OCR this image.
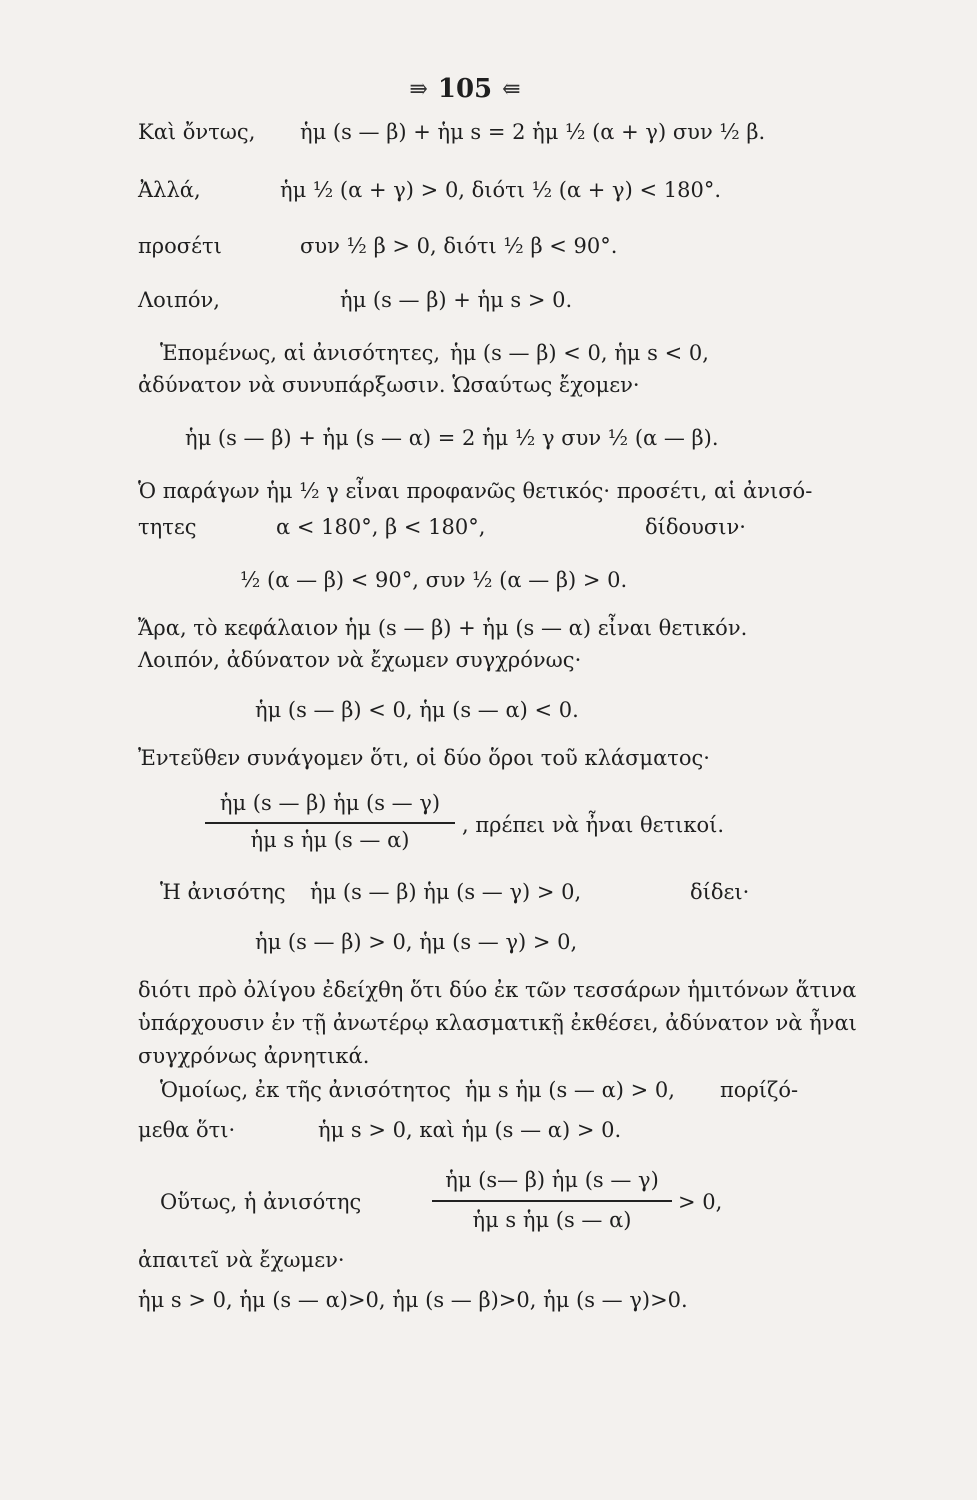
⇛ 105 ⇚
Καὶ ὄντως, ἡμ (s — β) + ἡμ s = 2 ἡμ ½ (α + γ) συν ½ β.
Ἀλλά,	ἡμ ½ (α + γ) > 0, διότι ½ (α + γ) < 180°.
προσέτι	συν ½ β > 0, διότι ½ β < 90°.
Λοιπόν,	ἡμ (s — β) + ἡμ s > 0.
Ἑπομένως, αἱ ἀνισότητες, ἡμ (s — β) < 0, ἡμ s < 0,
ἀδύνατον νὰ συνυπάρξωσιν. Ὡσαύτως ἔχομεν·
ἡμ (s — β) + ἡμ (s — α) = 2 ἡμ ½ γ συν ½ (α — β).
Ὁ παράγων ἡμ ½ γ εἶναι προφανῶς θετικός· προσέτι, αἱ ἀνισό-
τητες	α < 180°, β < 180°,	δίδουσιν·
½ (α — β) < 90°, συν ½ (α — β) > 0.
Ἄρα, τὸ κεφάλαιον ἡμ (s — β) + ἡμ (s — α) εἶναι θετικόν.
Λοιπόν, ἀδύνατον νὰ ἔχωμεν συγχρόνως·
ἡμ (s — β) < 0, ἡμ (s — α) < 0.
Ἐντεῦθεν συνάγομεν ὅτι, οἱ δύο ὅροι τοῦ κλάσματος·
ἡμ (s — β) ἡμ (s — γ)
ἡμ s ἡμ (s — α)
, πρέπει νὰ ἦναι θετικοί.
Ἡ ἀνισότης ἡμ (s — β) ἡμ (s — γ) > 0,	δίδει·
ἡμ (s — β) > 0, ἡμ (s — γ) > 0,
διότι πρὸ ὀλίγου ἐδείχθη ὅτι δύο ἐκ τῶν τεσσάρων ἡμιτόνων ἅτινα
ὑπάρχουσιν ἐν τῇ ἀνωτέρῳ κλασματικῇ ἐκθέσει, ἀδύνατον νὰ ἦναι
συγχρόνως ἀρνητικά.
Ὁμοίως, ἐκ τῆς ἀνισότητος ἡμ s ἡμ (s — α) > 0, πορίζό-
μεθα ὅτι·	ἡμ s > 0, καὶ ἡμ (s — α) > 0.
Οὕτως, ἡ ἀνισότης
ἡμ (s— β) ἡμ (s — γ)
ἡμ s ἡμ (s — α)
> 0,
ἀπαιτεῖ νὰ ἔχωμεν·
ἡμ s > 0, ἡμ (s — α)>0, ἡμ (s — β)>0, ἡμ (s — γ)>0.
